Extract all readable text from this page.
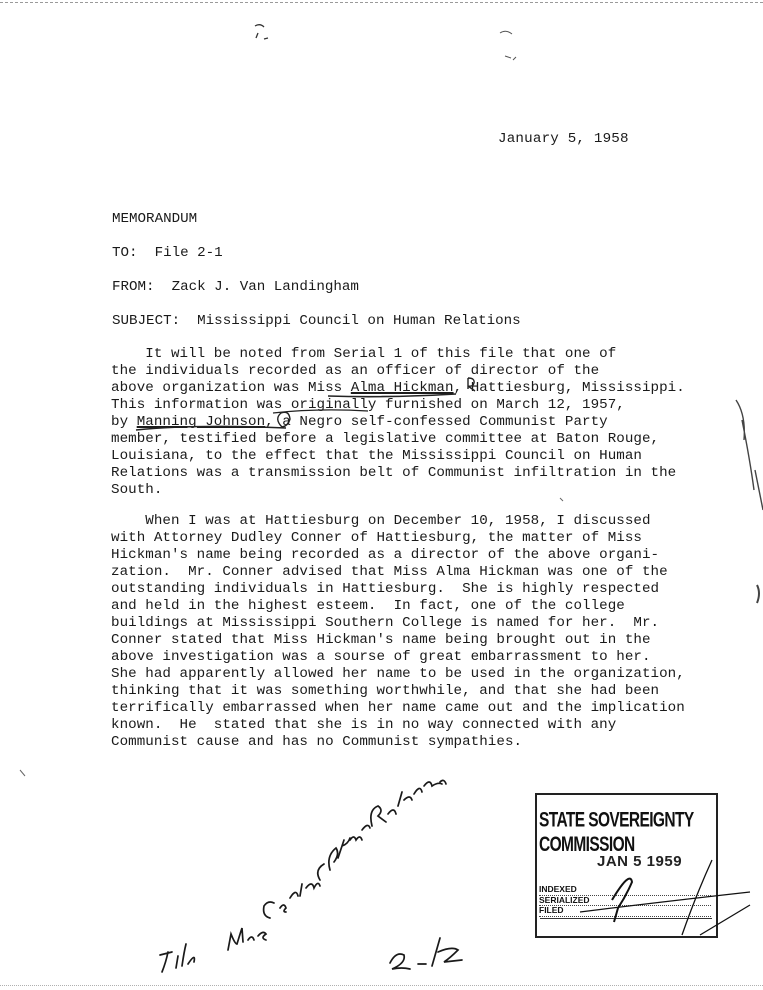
January 5, 1958
MEMORANDUM
TO: File 2-1
FROM: Zack J. Van Landingham
SUBJECT: Mississippi Council on Human Relations
It will be noted from Serial 1 of this file that one of
the individuals recorded as an officer of director of the
above organization was Miss Alma Hickman, Hattiesburg, Mississippi.
This information was originally furnished on March 12, 1957,
by Manning Johnson, a Negro self-confessed Communist Party
member, testified before a legislative committee at Baton Rouge,
Louisiana, to the effect that the Mississippi Council on Human
Relations was a transmission belt of Communist infiltration in the
South.
When I was at Hattiesburg on December 10, 1958, I discussed
with Attorney Dudley Conner of Hattiesburg, the matter of Miss
Hickman's name being recorded as a director of the above organi-
zation.  Mr. Conner advised that Miss Alma Hickman was one of the
outstanding individuals in Hattiesburg.  She is highly respected
and held in the highest esteem.  In fact, one of the college
buildings at Mississippi Southern College is named for her.  Mr.
Conner stated that Miss Hickman's name being brought out in the
above investigation was a sourse of great embarrassment to her.
She had apparently allowed her name to be used in the organization,
thinking that it was something worthwhile, and that she had been
terrifically embarrassed when her name came out and the implication
known.  He  stated that she is in no way connected with any
Communist cause and has no Communist sympathies.
STATE SOVEREIGNTY COMMISSION
JAN 5 1959
INDEXED
SERIALIZED
FILED
